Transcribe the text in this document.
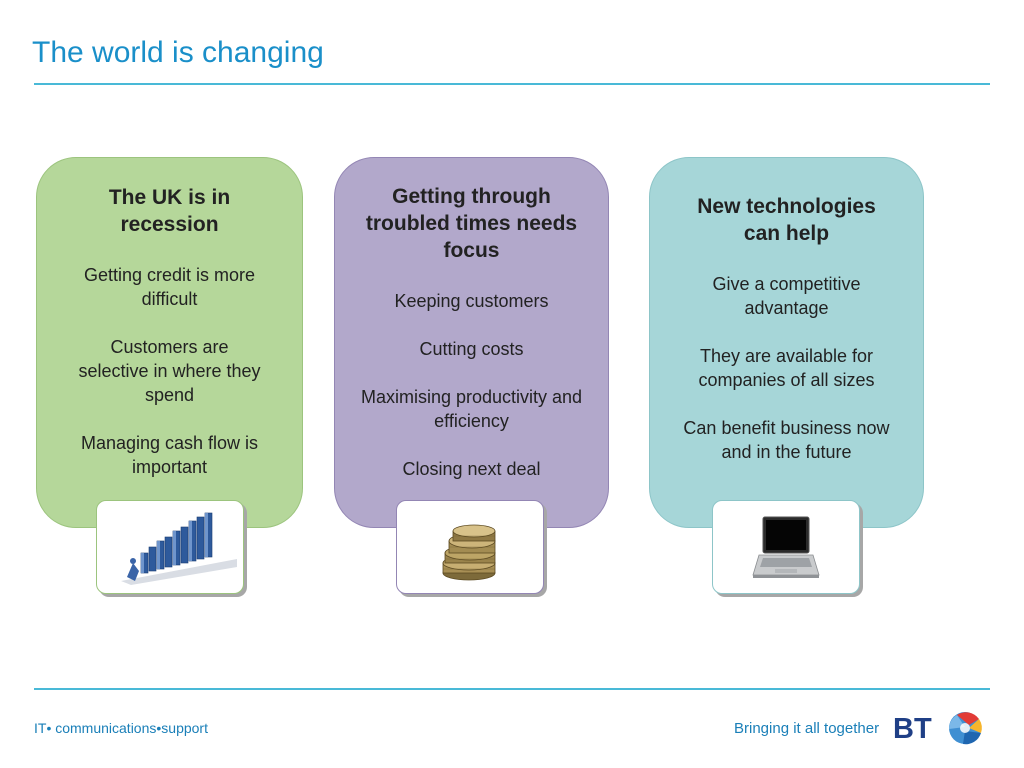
The world is changing
The UK is in
recession
Getting credit is more
difficult
Customers are
selective in where they
spend
Managing cash flow is
important
Getting through
troubled times needs
focus
Keeping customers
Cutting costs
Maximising productivity and
efficiency
Closing next deal
New technologies
can help
Give a competitive
advantage
They are available for
companies of all sizes
Can benefit business now
and in the future
IT• communications•support	Bringing it all together BT
